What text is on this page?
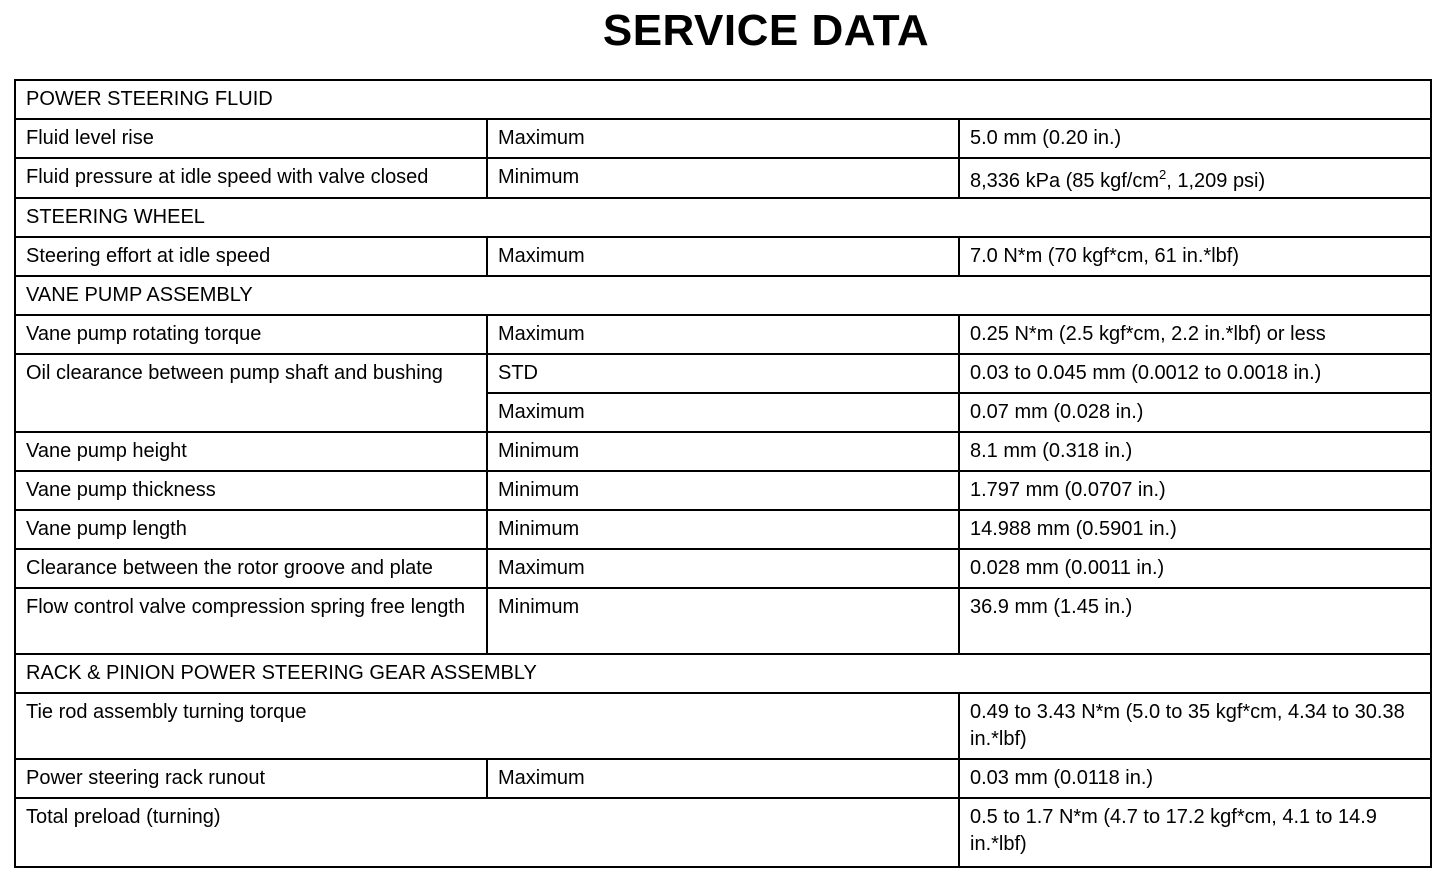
SERVICE DATA
POWER STEERING FLUID		
Fluid level rise	Maximum	5.0 mm (0.20 in.)
Fluid pressure at idle speed with valve closed	Minimum	8,336 kPa (85 kgf/$cm^2$, 1,209 psi)
STEERING WHEEL		
Steering effort at idle speed	Maximum	7.0 N*m (70 kgf*cm, 61 in.*lbf)
VANE PUMP ASSEMBLY		
Vane pump rotating torque	Maximum	0.25 N*m (2.5 kgf*cm, 2.2 in.*lbf) or less
Oil clearance between pump shaft and bushing	STD	0.03 to 0.045 mm (0.0012 to 0.0018 in.)
	Maximum	0.07 mm (0.028 in.)
Vane pump height	Minimum	8.1 mm (0.318 in.)
Vane pump thickness	Minimum	1.797 mm (0.0707 in.)
Vane pump length	Minimum	14.988 mm (0.5901 in.)
Clearance between the rotor groove and plate	Maximum	0.028 mm (0.0011 in.)
Flow control valve compression spring free length	Minimum	36.9 mm (1.45 in.)
RACK & PINION POWER STEERING GEAR ASSEMBLY		
Tie rod assembly turning torque		0.49 to 3.43 N*m (5.0 to 35 kgf*cm, 4.34 to 30.38 in.*lbf)
Power steering rack runout	Maximum	0.03 mm (0.0118 in.)
Total preload (turning)		0.5 to 1.7 N*m (4.7 to 17.2 kgf*cm, 4.1 to 14.9 in.*lbf)
